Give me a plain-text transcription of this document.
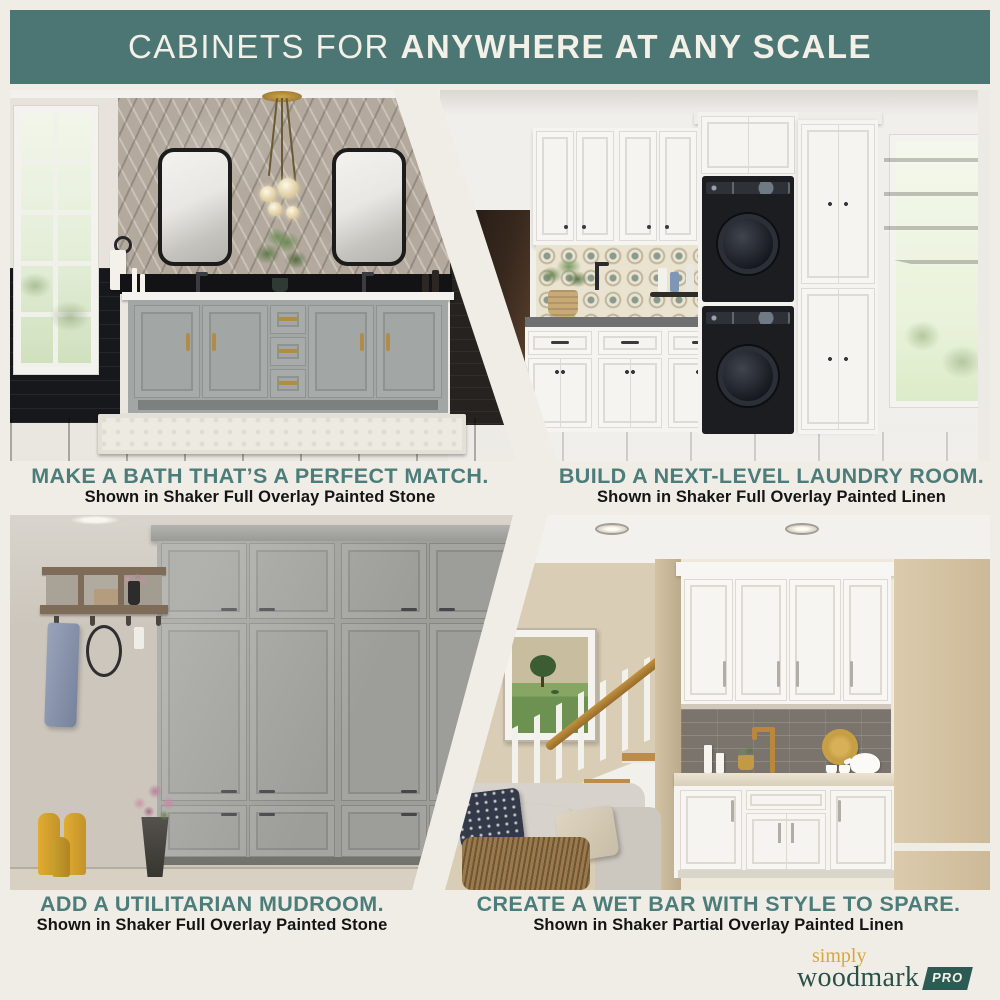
CABINETS FOR ANYWHERE AT ANY SCALE
MAKE A BATH THAT’S A PERFECT MATCH.

Shown in Shaker Full Overlay Painted Stone

BUILD A NEXT-LEVEL LAUNDRY ROOM.

Shown in Shaker Full Overlay Painted Linen

ADD A UTILITARIAN MUDROOM.

Shown in Shaker Full Overlay Painted Stone

CREATE A WET BAR WITH STYLE TO SPARE.

Shown in Shaker Partial Overlay Painted Linen

simply
woodmark PRO
